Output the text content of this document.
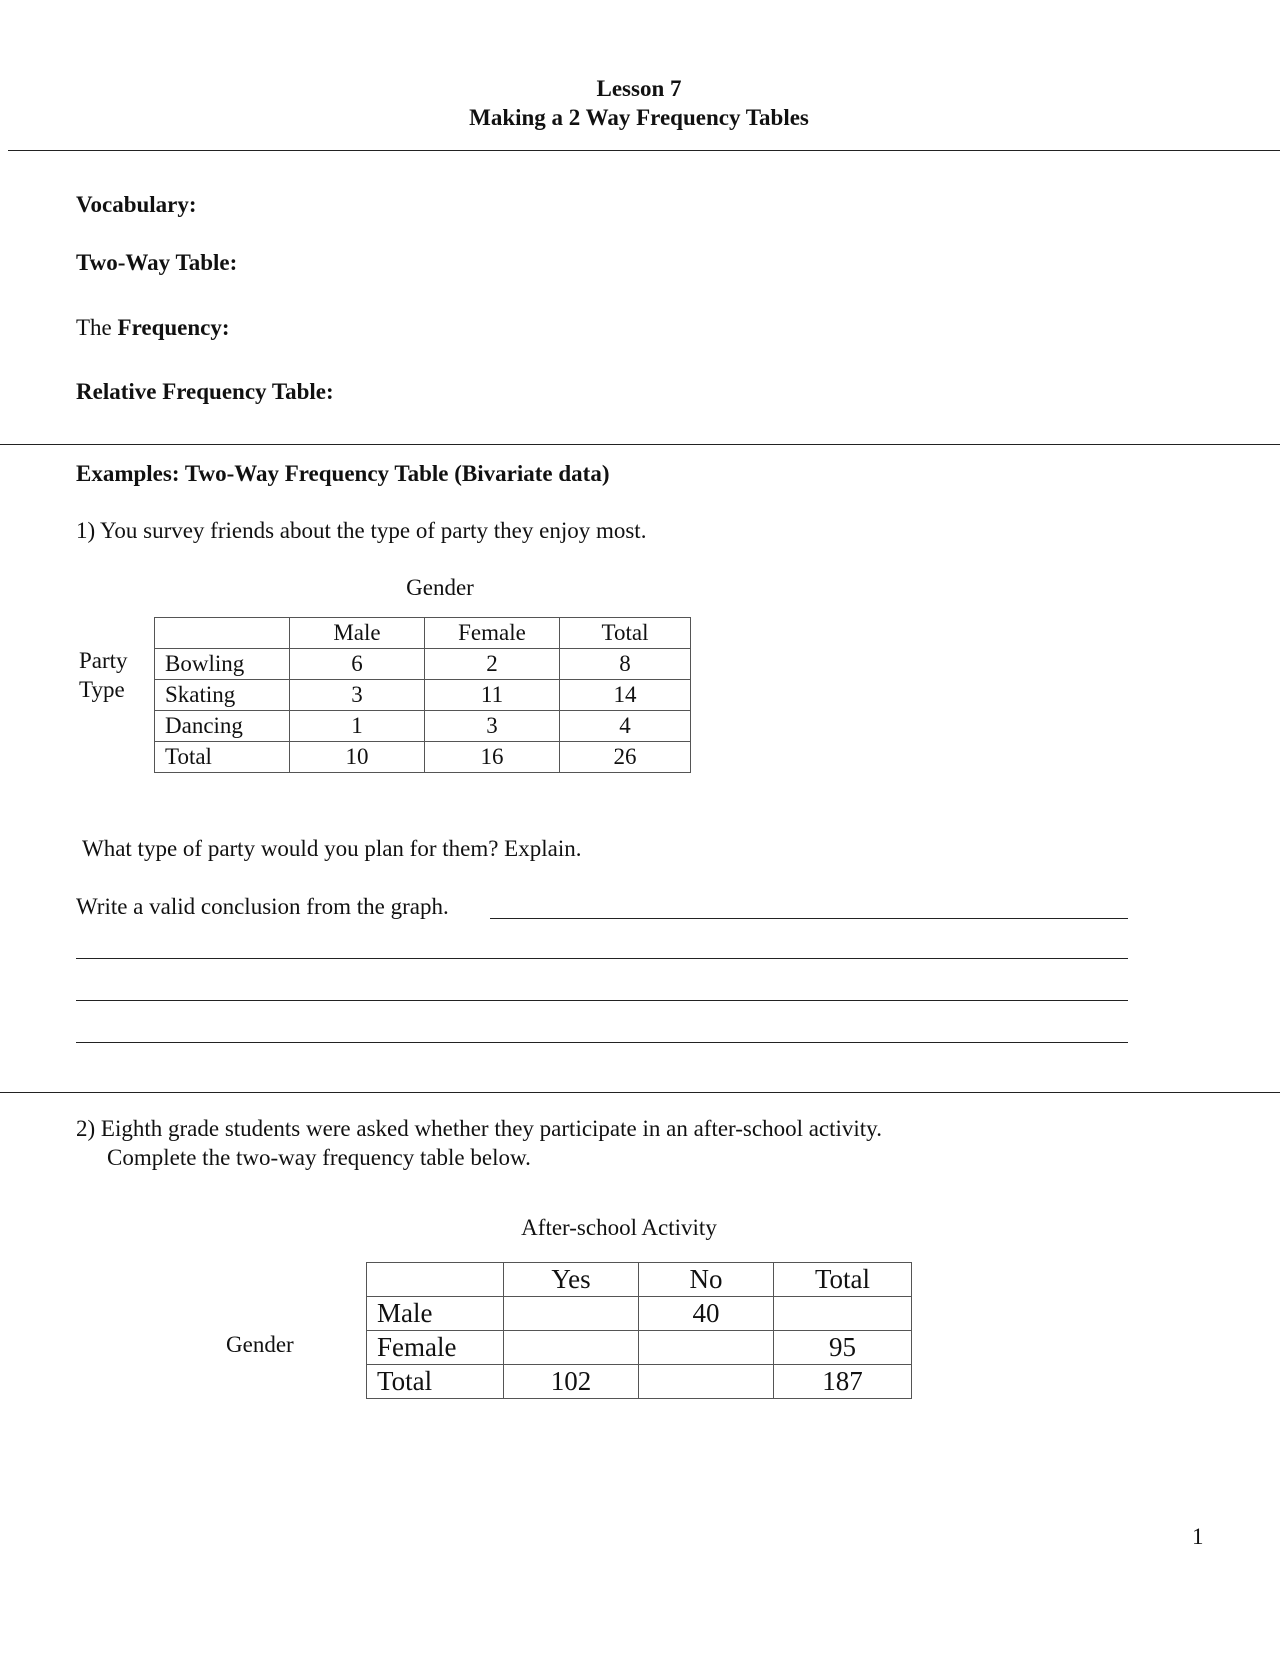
Lesson 7
Making a 2 Way Frequency Tables
Vocabulary:
Two-Way Table:
The Frequency:
Relative Frequency Table:
Examples: Two-Way Frequency Table (Bivariate data)
1) You survey friends about the type of party they enjoy most.
Gender
Party
Type
	Male	Female	Total
Bowling	6	2	8
Skating	3	11	14
Dancing	1	3	4
Total	10	16	26
What type of party would you plan for them? Explain.
Write a valid conclusion from the graph.
2) Eighth grade students were asked whether they participate in an after-school activity.
Complete the two-way frequency table below.
After-school Activity
Gender
	Yes	No	Total
Male		40	
Female			95
Total	102		187
1
